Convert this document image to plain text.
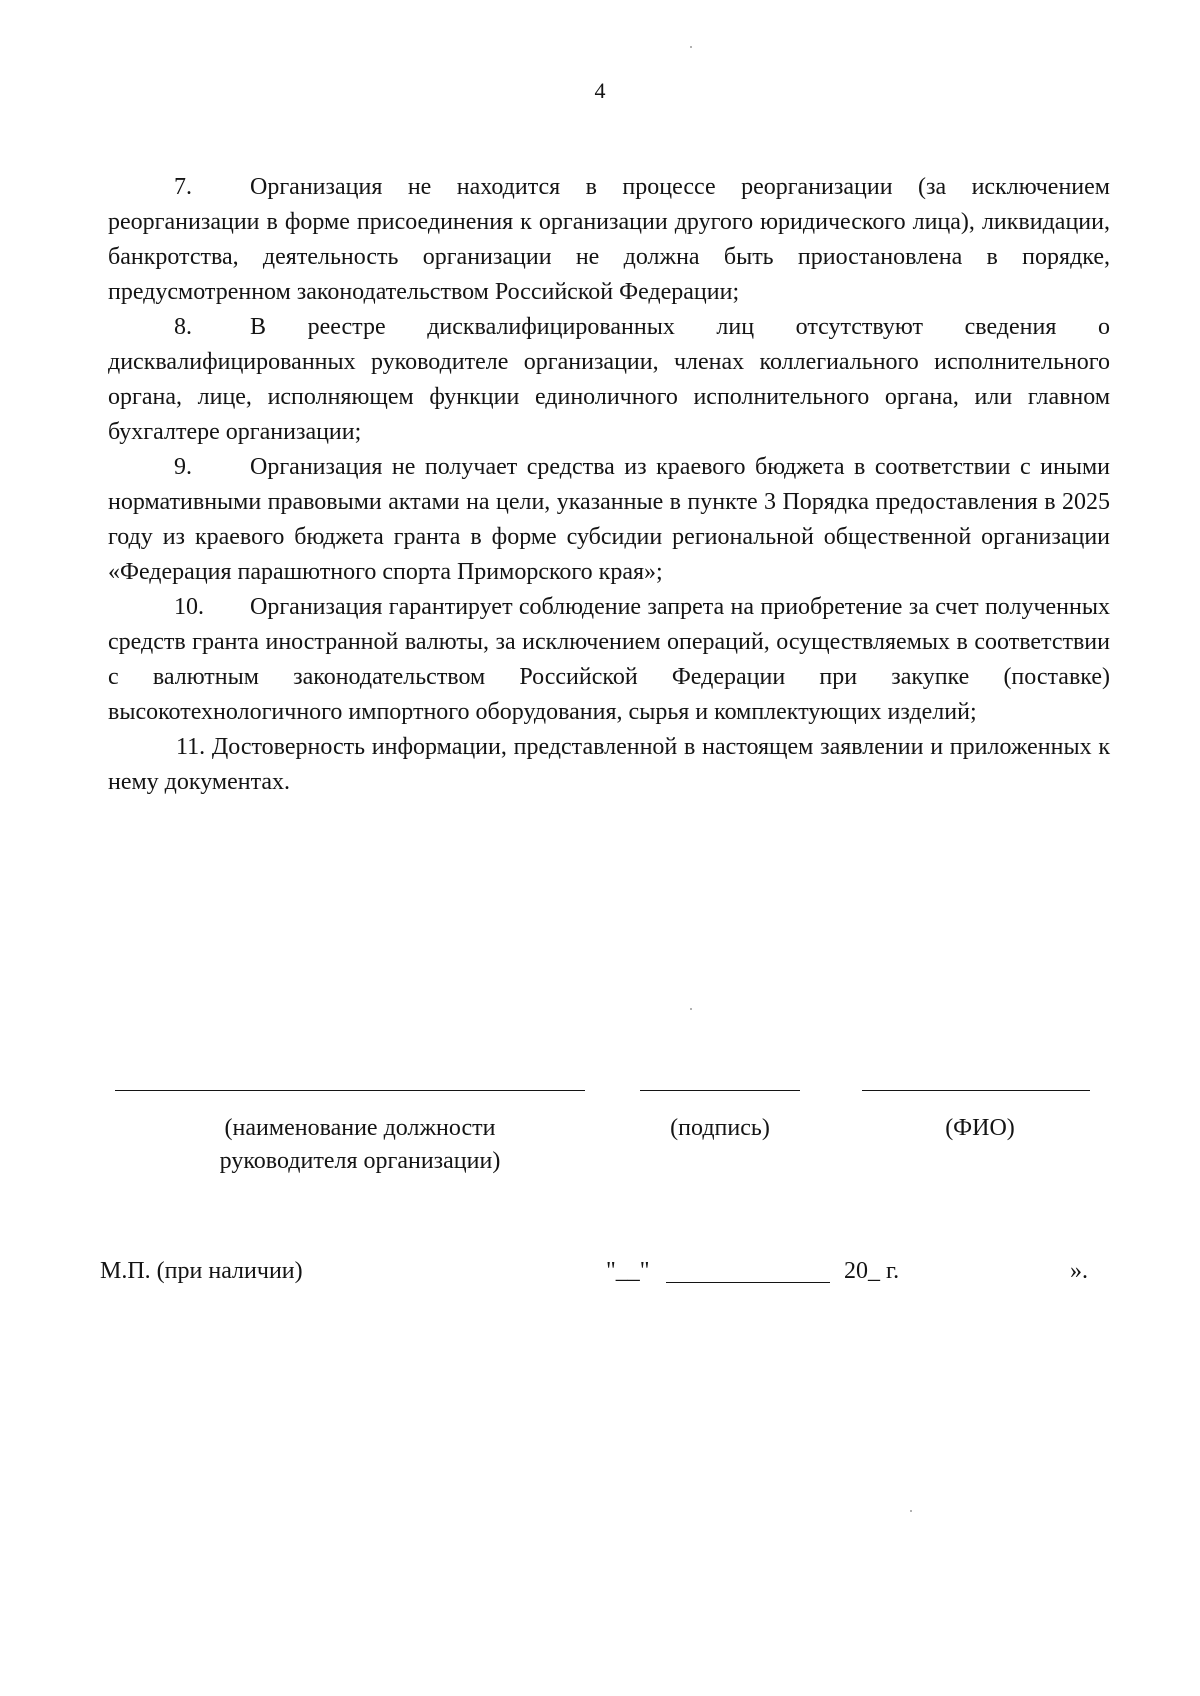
4

7. Организация не находится в процессе реорганизации (за исключением реорганизации в форме присоединения к организации другого юридического лица), ликвидации, банкротства, деятельность организации не должна быть приостановлена в порядке, предусмотренном законодательством Российской Федерации;

8. В реестре дисквалифицированных лиц отсутствуют сведения о дисквалифицированных руководителе организации, членах коллегиального исполнительного органа, лице, исполняющем функции единоличного исполнительного органа, или главном бухгалтере организации;

9. Организация не получает средства из краевого бюджета в соответствии с иными нормативными правовыми актами на цели, указанные в пункте 3 Порядка предоставления в 2025 году из краевого бюджета гранта в форме субсидии региональной общественной организации «Федерация парашютного спорта Приморского края»;

10. Организация гарантирует соблюдение запрета на приобретение за счет полученных средств гранта иностранной валюты, за исключением операций, осуществляемых в соответствии с валютным законодательством Российской Федерации при закупке (поставке) высокотехнологичного импортного оборудования, сырья и комплектующих изделий;

11. Достоверность информации, представленной в настоящем заявлении и приложенных к нему документах.

(наименование должности
руководителя организации)
(подпись)	(ФИО)
М.П. (при наличии)	"__"	20_ г.	».
